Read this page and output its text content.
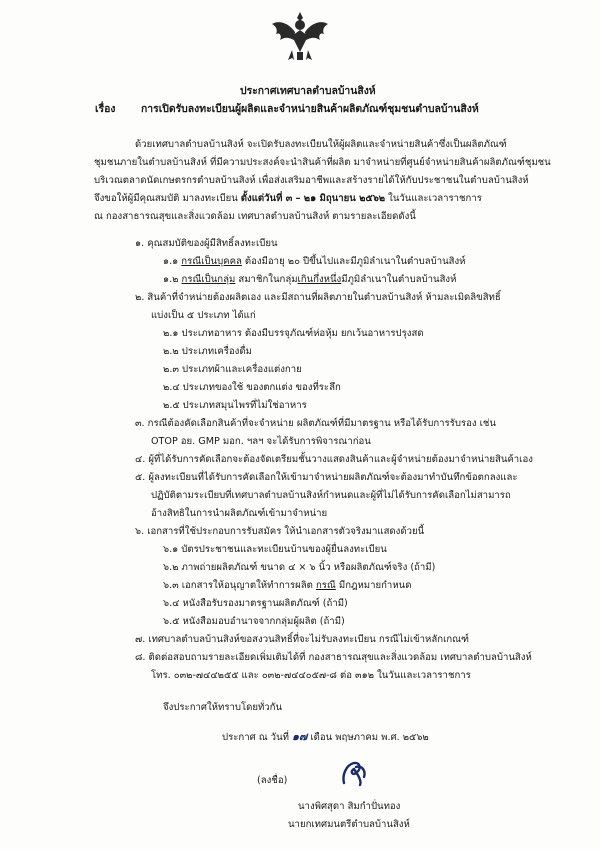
ประกาศเทศบาลตำบลบ้านสิงห์
เรื่อง การเปิดรับลงทะเบียนผู้ผลิตและจำหน่ายสินค้าผลิตภัณฑ์ชุมชนตำบลบ้านสิงห์
ด้วยเทศบาลตำบลบ้านสิงห์ จะเปิดรับลงทะเบียนให้ผู้ผลิตและจำหน่ายสินค้าซึ่งเป็นผลิตภัณฑ์
ชุมชนภายในตำบลบ้านสิงห์ ที่มีความประสงค์จะนำสินค้าที่ผลิต มาจำหน่ายที่ศูนย์จำหน่ายสินค้าผลิตภัณฑ์ชุมชน
บริเวณตลาดนัดเกษตรกรตำบลบ้านสิงห์ เพื่อส่งเสริมอาชีพและสร้างรายได้ให้กับประชาชนในตำบลบ้านสิงห์
จึงขอให้ผู้มีคุณสมบัติ มาลงทะเบียน ตั้งแต่วันที่ ๓ – ๒๑ มิถุนายน ๒๕๖๒ ในวันและเวลาราชการ
ณ กองสาธารณสุขและสิ่งแวดล้อม เทศบาลตำบลบ้านสิงห์ ตามรายละเอียดดังนี้
๑. คุณสมบัติของผู้มีสิทธิ์ลงทะเบียน
๑.๑ กรณีเป็นบุคคล ต้องมีอายุ ๒๐ ปีขึ้นไปและมีภูมิลำเนาในตำบลบ้านสิงห์
๑.๒ กรณีเป็นกลุ่ม สมาชิกในกลุ่มเกินกึ่งหนึ่งมีภูมิลำเนาในตำบลบ้านสิงห์
๒. สินค้าที่จำหน่ายต้องผลิตเอง และมีสถานที่ผลิตภายในตำบลบ้านสิงห์ ห้ามละเมิดลิขสิทธิ์
แบ่งเป็น ๕ ประเภท ได้แก่
๒.๑ ประเภทอาหาร ต้องมีบรรจุภัณฑ์ห่อหุ้ม ยกเว้นอาหารปรุงสด
๒.๒ ประเภทเครื่องดื่ม
๒.๓ ประเภทผ้าและเครื่องแต่งกาย
๒.๔ ประเภทของใช้ ของตกแต่ง ของที่ระลึก
๒.๕ ประเภทสมุนไพรที่ไม่ใช่อาหาร
๓. กรณีต้องคัดเลือกสินค้าที่จะจำหน่าย ผลิตภัณฑ์ที่มีมาตรฐาน หรือได้รับการรับรอง เช่น
OTOP อย. GMP มอก. ฯลฯ จะได้รับการพิจารณาก่อน
๔. ผู้ที่ได้รับการคัดเลือกจะต้องจัดเตรียมชั้นวางแสดงสินค้าและผู้จำหน่ายต้องมาจำหน่ายสินค้าเอง
๕. ผู้ลงทะเบียนที่ได้รับการคัดเลือกให้เข้ามาจำหน่ายผลิตภัณฑ์จะต้องมาทำบันทึกข้อตกลงและ
ปฏิบัติตามระเบียบที่เทศบาลตำบลบ้านสิงห์กำหนดและผู้ที่ไม่ได้รับการคัดเลือกไม่สามารถ
อ้างสิทธิในการนำผลิตภัณฑ์เข้ามาจำหน่าย
๖. เอกสารที่ใช้ประกอบการรับสมัคร ให้นำเอกสารตัวจริงมาแสดงด้วยนี้
๖.๑ บัตรประชาชนและทะเบียนบ้านของผู้ยื่นลงทะเบียน
๖.๒ ภาพถ่ายผลิตภัณฑ์ ขนาด ๔ × ๖ นิ้ว หรือผลิตภัณฑ์จริง (ถ้ามี)
๖.๓ เอกสารให้อนุญาตให้ทำการผลิต กรณี มีกฎหมายกำหนด
๖.๔ หนังสือรับรองมาตรฐานผลิตภัณฑ์ (ถ้ามี)
๖.๕ หนังสือมอบอำนาจจากกลุ่มผู้ผลิต (ถ้ามี)
๗. เทศบาลตำบลบ้านสิงห์ขอสงวนสิทธิ์ที่จะไม่รับลงทะเบียน กรณีไม่เข้าหลักเกณฑ์
๘. ติดต่อสอบถามรายละเอียดเพิ่มเติมได้ที่ กองสาธารณสุขและสิ่งแวดล้อม เทศบาลตำบลบ้านสิงห์
โทร. ๐๓๒-๗๔๔๒๕๕ และ ๐๓๒-๗๔๔๐๕๗-๘ ต่อ ๓๑๒ ในวันและเวลาราชการ
จึงประกาศให้ทราบโดยทั่วกัน
ประกาศ ณ วันที่ ๑๗ เดือน พฤษภาคม พ.ศ. ๒๕๖๒
(ลงชื่อ)
นางพิศสุดา สิมกำปั่นทอง
นายกเทศมนตรีตำบลบ้านสิงห์
